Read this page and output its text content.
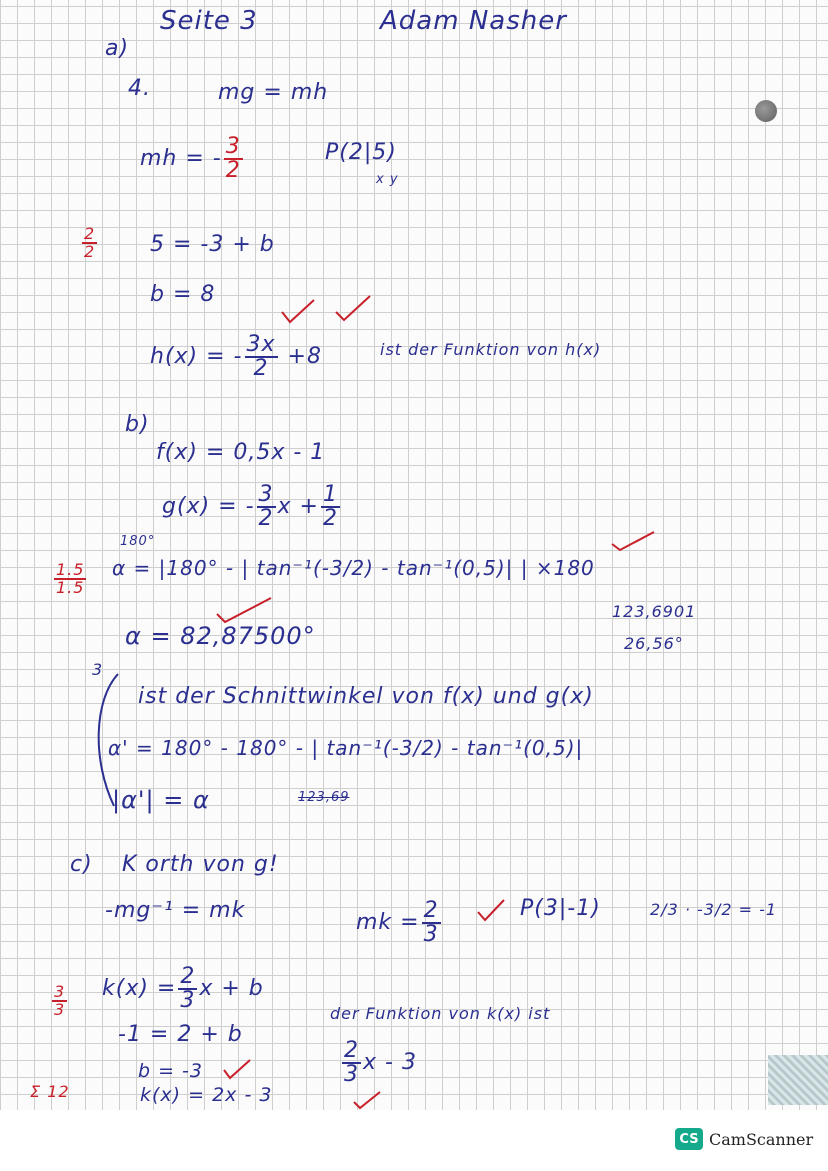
Seite 3	Adam Nasher
a)
4.	mg = mh
mh = - $\frac{3}{2}$	P(2|5)
x y
$\frac{2}{2} 5 = -3 + b$
b = 8
h(x) = - $\frac{3x}{2} +8$	ist der Funktion von h(x)
b)
f(x) = 0,5x - 1
g(x) = - $\frac{3}{2}$ $x + \frac{1}{2}$
$\frac{1.5}{1.5}$
180°
α = |180° - | tan⁻¹(-3/2) - tan⁻¹(0,5)| | ×180
123,6901
26,56°
α = 82,87500°
3
ist der Schnittwinkel von f(x) und g(x)
α' = 180° - 180° - | tan⁻¹(-3/2) - tan⁻¹(0,5)|
|α'| = α	123,69
c) K orth von g!
-mg⁻¹ = mk	mk = $\frac{2}{3}$	P(3|-1)	2/3 · -3/2 = -1
$\frac{3}{3} k(x) = \frac{2}{3}$ x + b
-1 = 2 + b
b = -3
k(x) = 2x - 3
der Funktion von k(x) ist
$\frac{2}{3}$ x - 3
Σ 12
CS CamScanner
